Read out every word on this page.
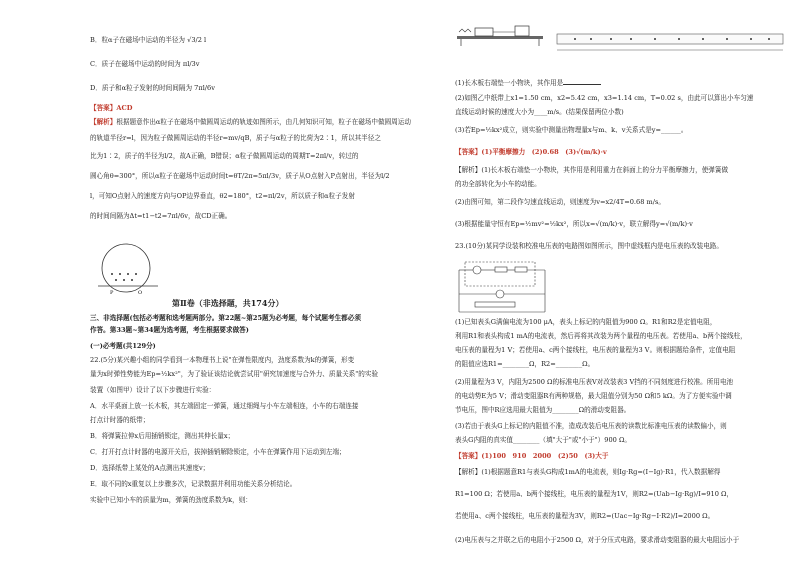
B．粒α子在磁场中运动的半径为 √3/2 l
C．质子在磁场中运动的时间为 πl/3v
D．质子和α粒子发射的时间间隔为 7πl/6v
【答案】ACD
【解析】根据题意作出α粒子在磁场中做圆周运动的轨迹如图所示，由几何知识可知，粒子在磁场中做圆周运动
的轨道半径r=l，因为粒子做圆周运动的半径r=mv/qB，质子与α粒子的比荷为2∶1，所以其半径之
比为1∶2，质子的半径为l/2，故A正确，B错误；α粒子做圆周运动的周期T=2πl/v，转过的
圆心角θ=300°，所以α粒子在磁场中运动时间t=θT/2π=5πl/3v，质子从O点射入P点射出，半径为l/2
l，可知O点射入的速度方向与OP边界垂直，θ2=180°，t2=πl/2v，所以质子和α粒子发射
的时间间隔为Δt=t1−t2=7πl/6v，故CD正确。
P	O
第Ⅱ卷（非选择题，共174分）
三、非选择题(包括必考题和选考题两部分。第22题~第25题为必考题，每个试题考生都必须
作答。第33题~第34题为选考题，考生根据要求做答)
(一)必考题(共129分)
22.(5分)某兴趣小组的同学看到一本物理书上说"在弹性限度内，劲度系数为k的弹簧，形变
量为x时弹性势能为Ep=½kx²"，为了验证该结论就尝试用"研究加速度与合外力、质量关系"的实验
装置（如图甲）设计了以下步骤进行实验：
A．水平桌面上放一长木板，其左端固定一弹簧，通过细绳与小车左端相连，小车的右端连接
打点计时器的纸带；
B．将弹簧拉伸x后用插销锁定，测出其伸长量x；
C．打开打点计时器的电源开关后，拔掉插销解除锁定，小车在弹簧作用下运动到左端；
D．选择纸带上某处的A点测出其速度v；
E．取不同的x重复以上步骤多次，记录数据并利用功能关系分析结论。
实验中已知小车的质量为m，弹簧的劲度系数为k，则：
(1)长木板右端垫一小物块，其作用是
(2)如图乙中纸带上x1=1.50 cm，x2=5.42 cm，x3=1.14 cm，T=0.02 s，由此可以算出小车匀速
直线运动时候的速度大小为____m/s。(结果保留两位小数)
(3)若Ep=½kx²成立，则实验中测量出物理量x与m、k、v关系式是y=______。
【答案】(1)平衡摩擦力　(2)0.68　(3)√(m/k)·v
【解析】(1)长木板右端垫一小物块，其作用是利用重力在斜面上的分力平衡摩擦力，使弹簧做
的功全部转化为小车的动能。
(2)由图可知，第二段作匀速直线运动，则速度为v=x2/4T=0.68 m/s。
(3)根据能量守恒有Ep=½mv²=½kx²，所以x=√(m/k)·v，联立解得y=√(m/k)·v
23.(10分)某同学设装和校准电压表的电路图如图所示，图中虚线框内是电压表的改装电路。
(1)已知表头G满偏电流为100 μA，表头上标记的内阻值为900 Ω。R1和R2是定值电阻，
利用R1和表头构成1 mA的电流表，然后再将其改装为两个量程的电压表。若使用a、b两个接线柱，
电压表的量程为1 V；若使用a、c两个接线柱，电压表的量程为3 V。则根据题给条件，定值电阻
的阻值应选R1=________Ω，R2=________Ω。
(2)用量程为3 V，内阻为2500 Ω的标准电压表V对改装表3 V挡的不同刻度进行校准。所用电池
的电动势E为5 V；滑动变阻器R有两种规格，最大阻值分别为50 Ω和5 kΩ。为了方便实验中调
节电压，图中R应选用最大阻值为________Ω的滑动变阻器。
(3)若由于表头G上标记的内阻值不准，造成改装后电压表的读数比标准电压表的读数偏小，则
表头G内阻的真实值________（填"大于"或"小于"）900 Ω。
【答案】(1)100　910　2000　(2)50　(3)大于
【解析】(1)根据题意R1与表头G构成1mA的电流表，则Ig·Rg=(I−Ig)·R1，代入数据解得
R1=100 Ω；若使用a、b两个接线柱，电压表的量程为1V，则R2=(Uab−Ig·Rg)/I=910 Ω，
若使用a、c两个接线柱，电压表的量程为3V，则R2=(Uac−Ig·Rg−I·R2)/I=2000 Ω。
(2)电压表与之并联之后的电阻小于2500 Ω，对于分压式电路，要求滑动变阻器的最大电阻远小于
